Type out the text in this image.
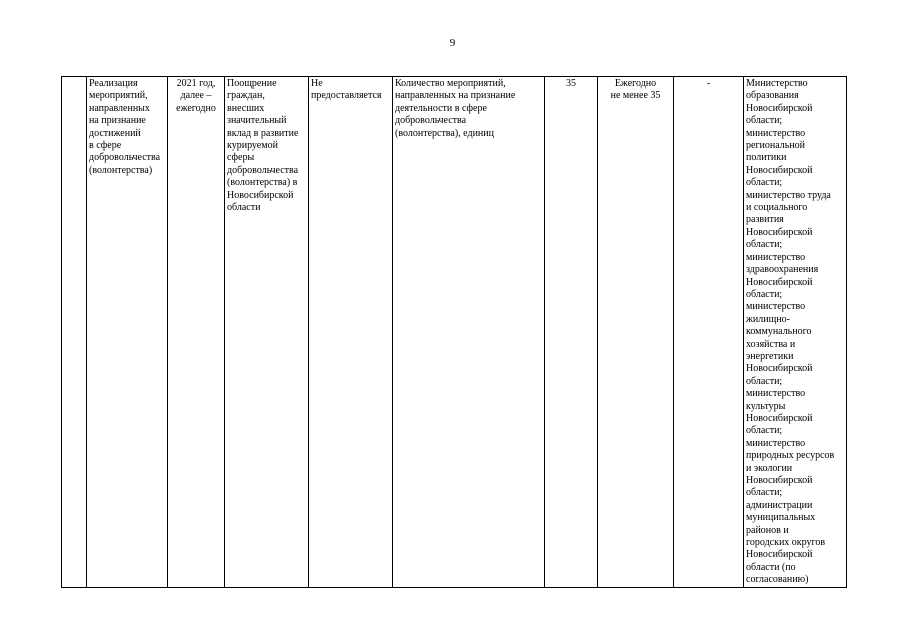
9

Реализация
мероприятий,
направленных
на признание
достижений
в сфере
добровольчества
(волонтерства)

2021 год,
далее –
ежегодно

Поощрение
граждан,
внесших
значительный
вклад в развитие
курируемой
сферы
добровольчества
(волонтерства) в
Новосибирской
области

Не
предоставляется

Количество мероприятий,
направленных на признание
деятельности в сфере
добровольчества
(волонтерства), единиц

35	Ежегодно
не менее 35

-	Министерство
образования
Новосибирской
области;
министерство
региональной
политики
Новосибирской
области;
министерство труда
и социального
развития
Новосибирской
области;
министерство
здравоохранения
Новосибирской
области;
министерство
жилищно-
коммунального
хозяйства и
энергетики
Новосибирской
области;
министерство
культуры
Новосибирской
области;
министерство
природных ресурсов
и экологии
Новосибирской
области;
администрации
муниципальных
районов и
городских округов
Новосибирской
области (по
согласованию)
